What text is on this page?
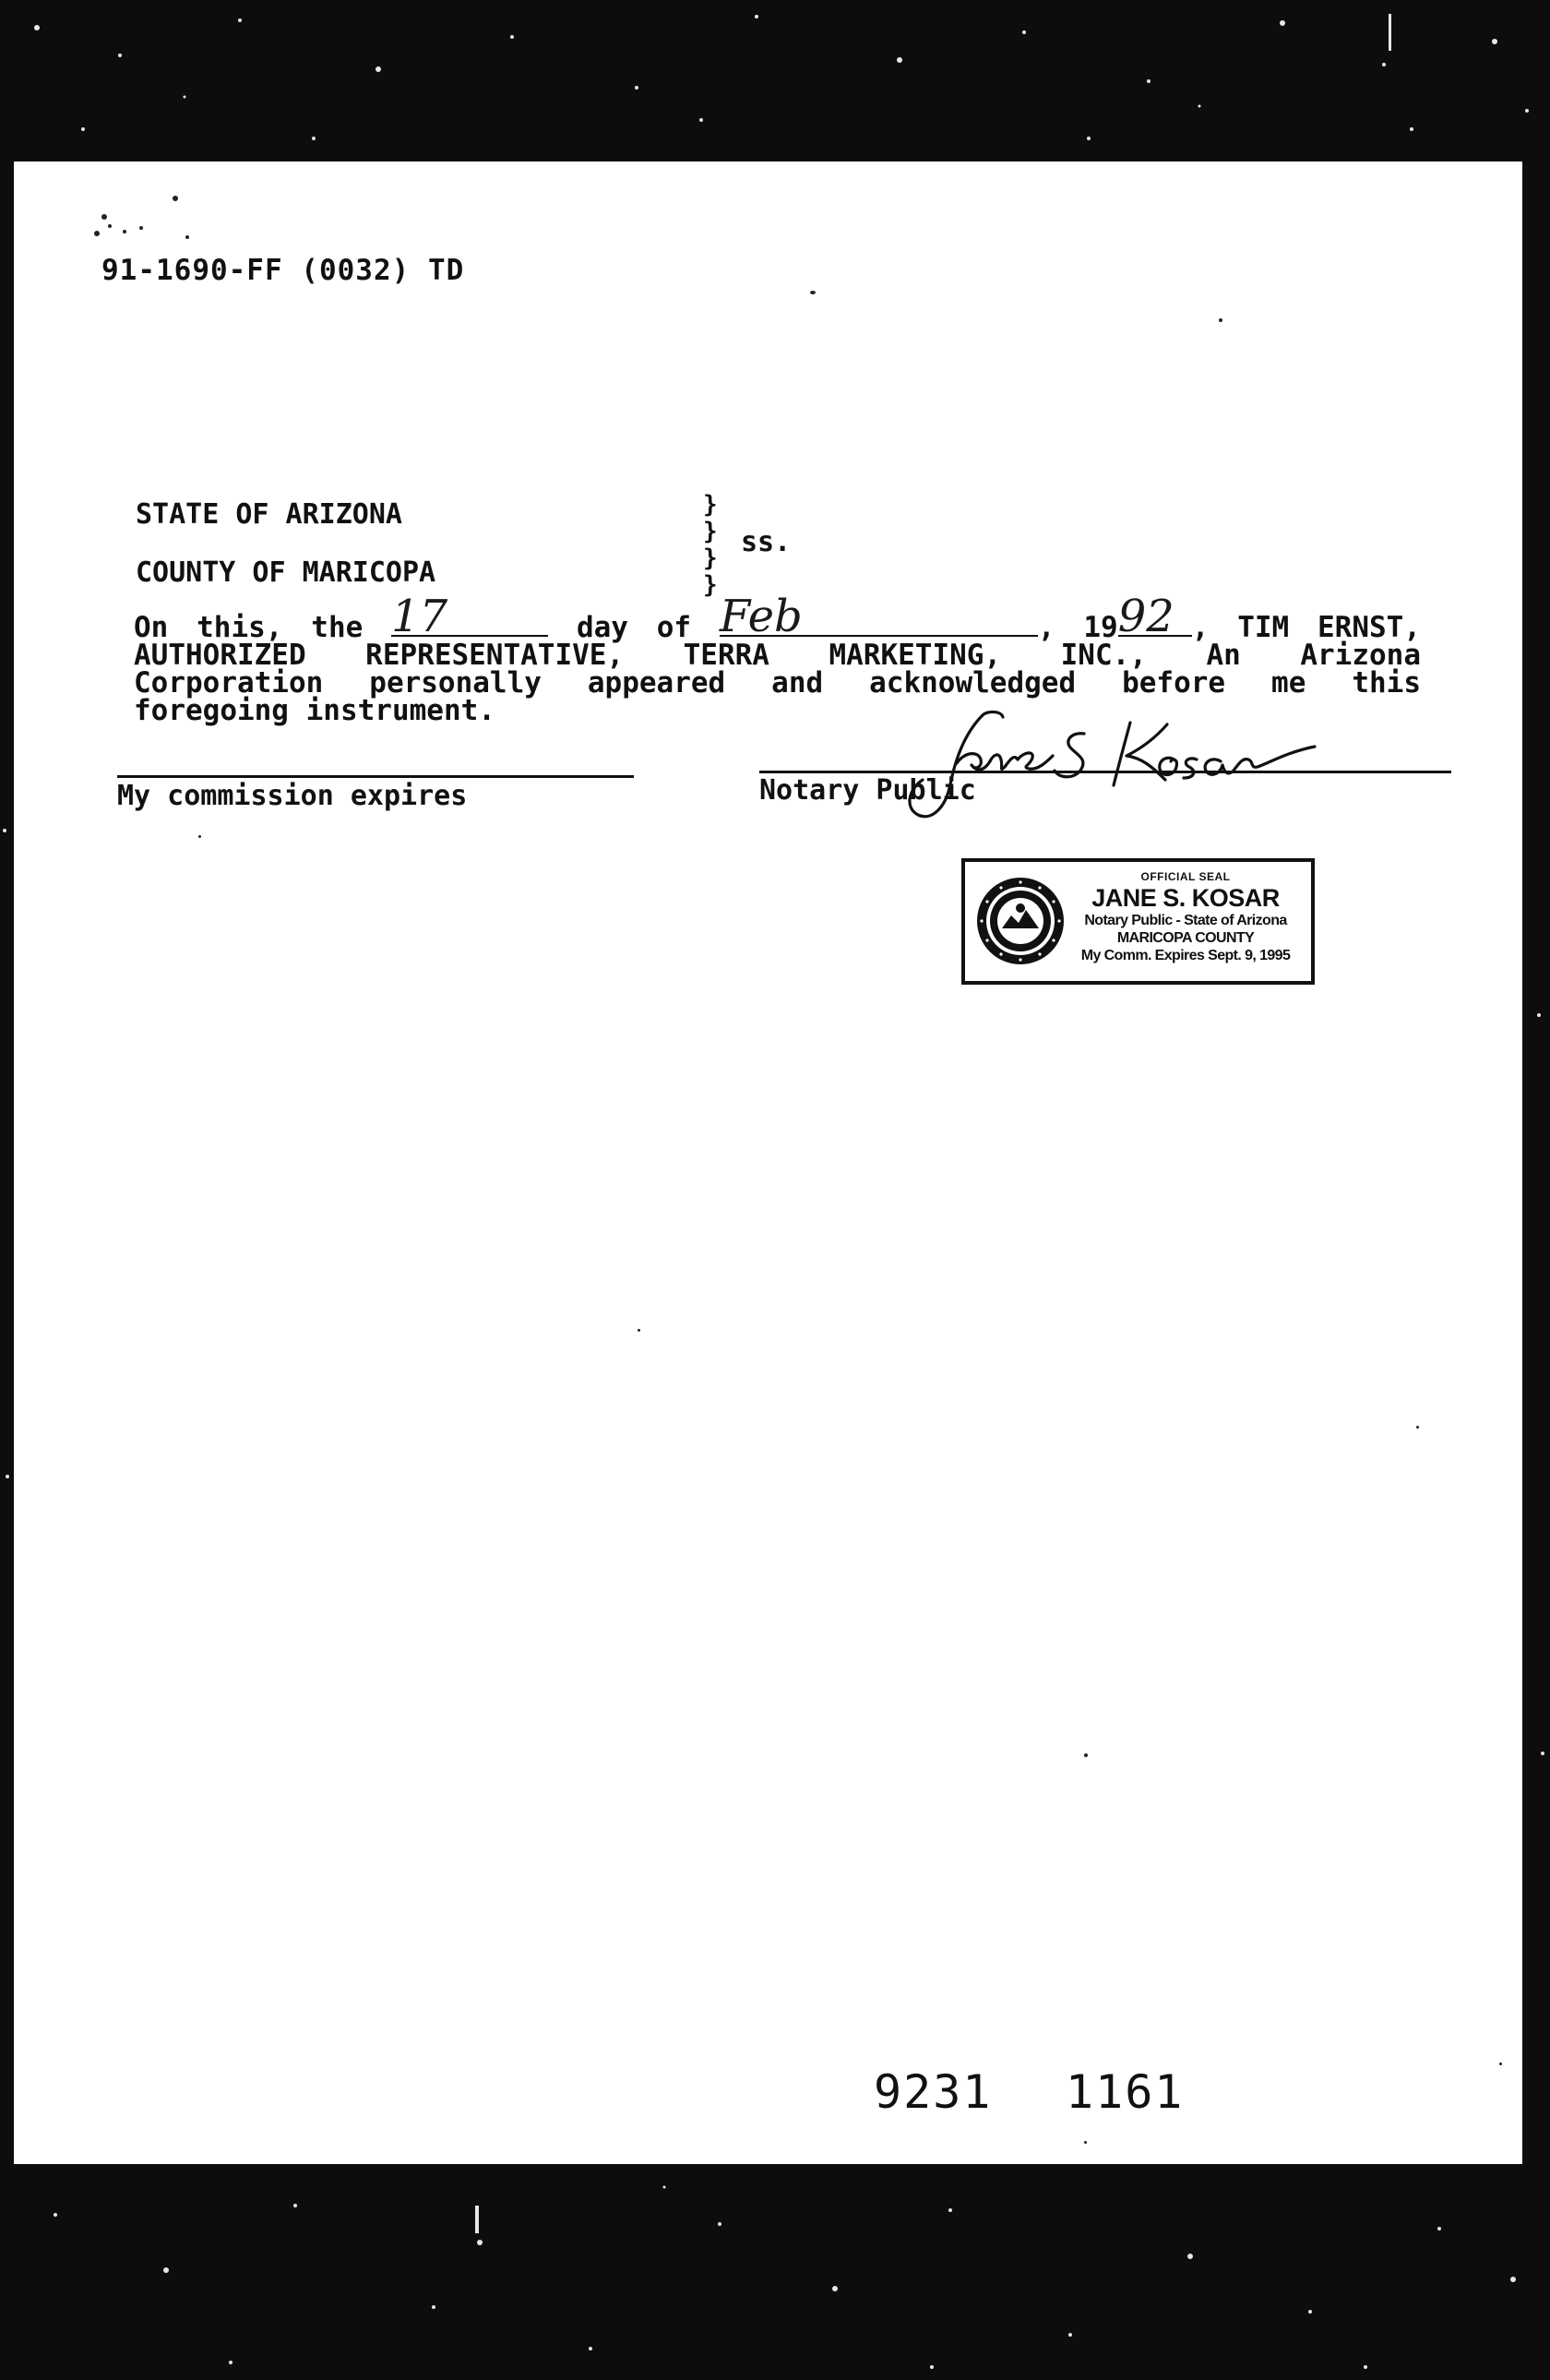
91-1690-FF (0032) TD
STATE OF ARIZONA
COUNTY OF MARICOPA
}
}
}
}
ss.
On this, the 17	day of Feb	, 19 92 , TIM ERNST,
AUTHORIZED REPRESENTATIVE, TERRA MARKETING, INC., An Arizona
Corporation personally appeared and acknowledged before me this
foregoing instrument.
My commission expires	Notary Public
OFFICIAL SEAL
JANE S. KOSAR
Notary Public - State of Arizona
MARICOPA COUNTY
My Comm. Expires Sept. 9, 1995
9231 1161
